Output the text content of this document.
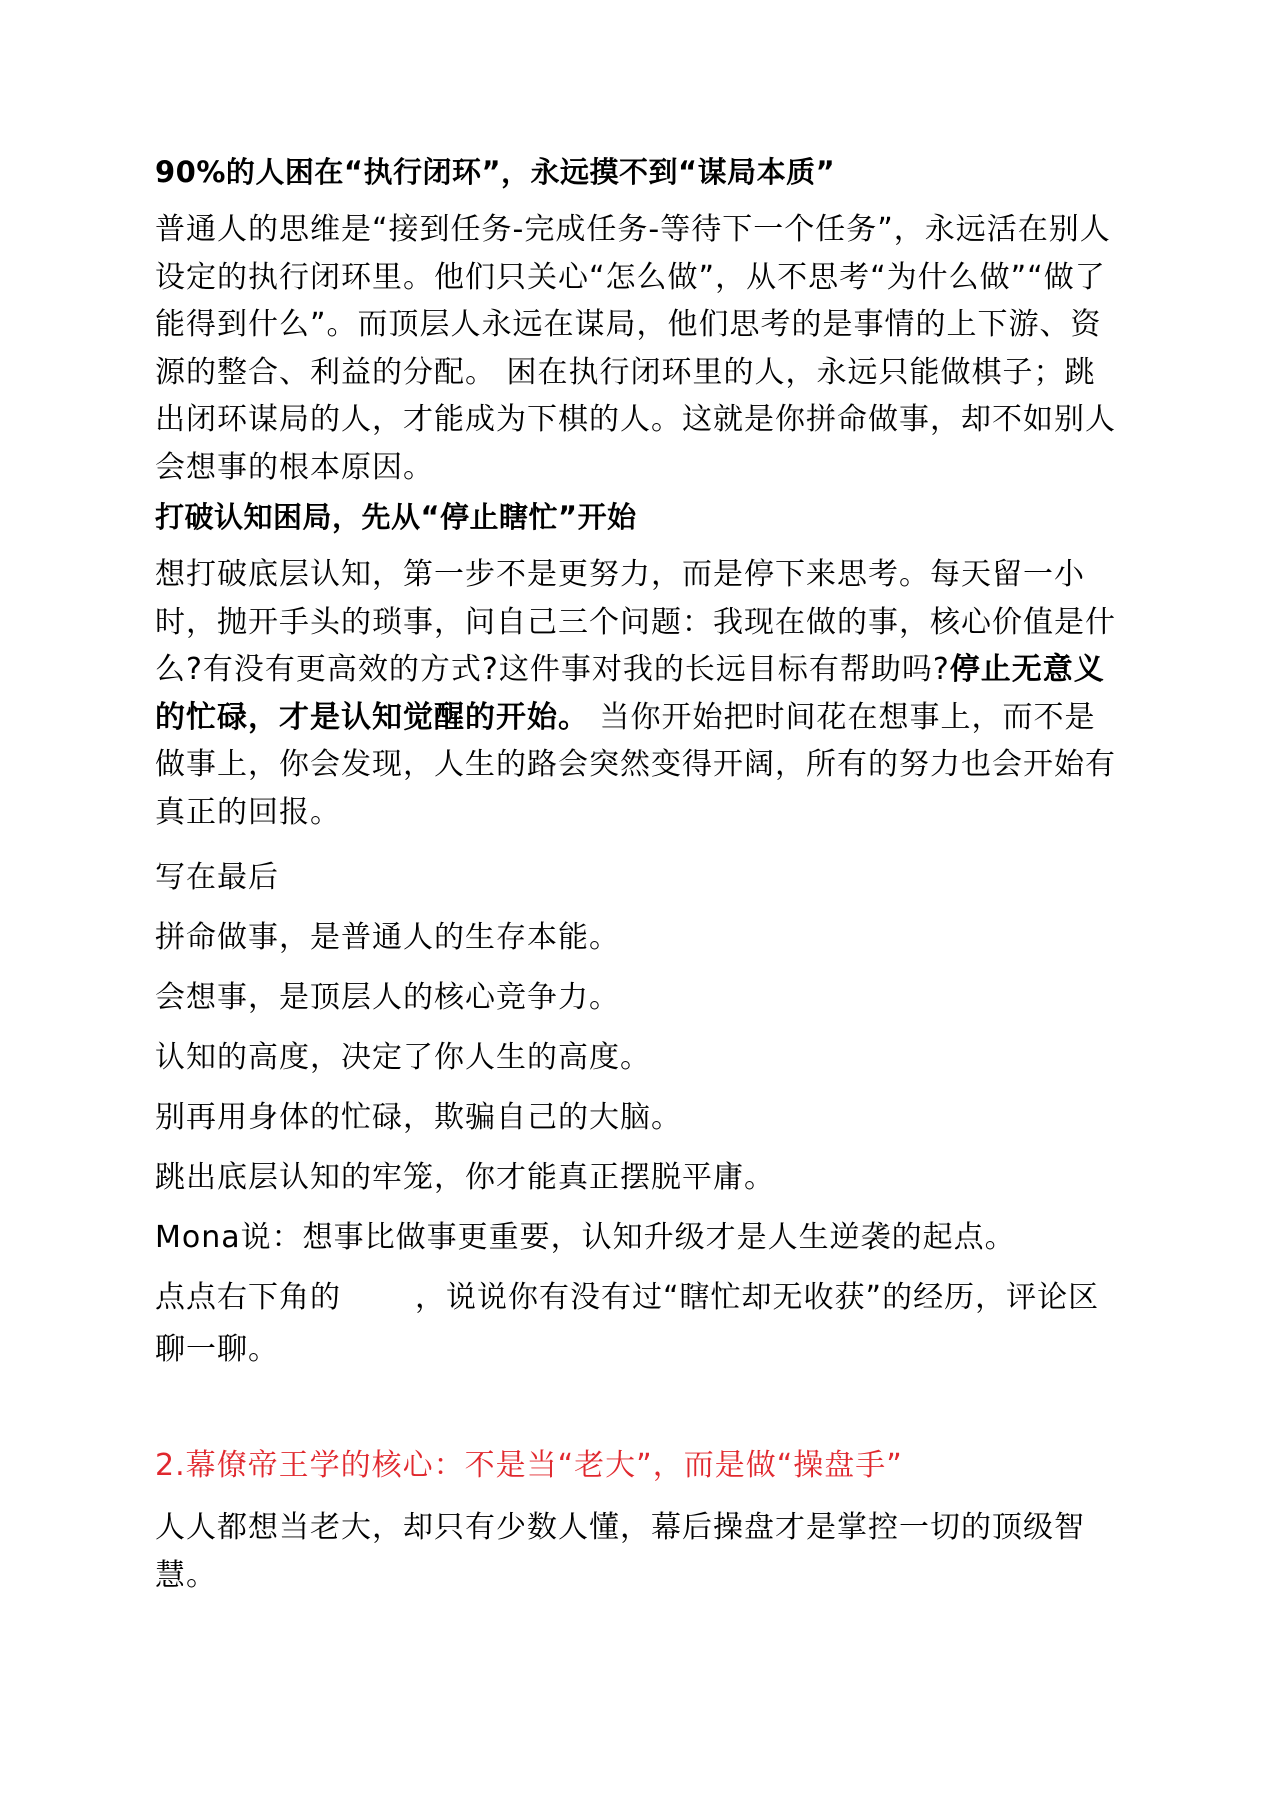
90%的人困在“执行闭环”，永远摸不到“谋局本质”

普通人的思维是“接到任务-完成任务-等待下一个任务”，永远活在别人设定的执行闭环里。他们只关心“怎么做”，从不思考“为什么做”“做了能得到什么”。而顶层人永远在谋局，他们思考的是事情的上下游、资源的整合、利益的分配。 困在执行闭环里的人，永远只能做棋子；跳出闭环谋局的人，才能成为下棋的人。这就是你拼命做事，却不如别人会想事的根本原因。

打破认知困局，先从“停止瞎忙”开始

想打破底层认知，第一步不是更努力，而是停下来思考。每天留一小时，抛开手头的琐事，问自己三个问题：我现在做的事，核心价值是什么?有没有更高效的方式?这件事对我的长远目标有帮助吗?停止无意义的忙碌，才是认知觉醒的开始。 当你开始把时间花在想事上，而不是做事上，你会发现，人生的路会突然变得开阔，所有的努力也会开始有真正的回报。

写在最后

拼命做事，是普通人的生存本能。

会想事，是顶层人的核心竞争力。

认知的高度，决定了你人生的高度。

别再用身体的忙碌，欺骗自己的大脑。

跳出底层认知的牢笼，你才能真正摆脱平庸。

Mona说：想事比做事更重要，认知升级才是人生逆袭的起点。

点点右下角的 ，说说你有没有过“瞎忙却无收获”的经历，评论区聊一聊。

2.幕僚帝王学的核心：不是当“老大”，而是做“操盘手”

人人都想当老大，却只有少数人懂，幕后操盘才是掌控一切的顶级智慧。
